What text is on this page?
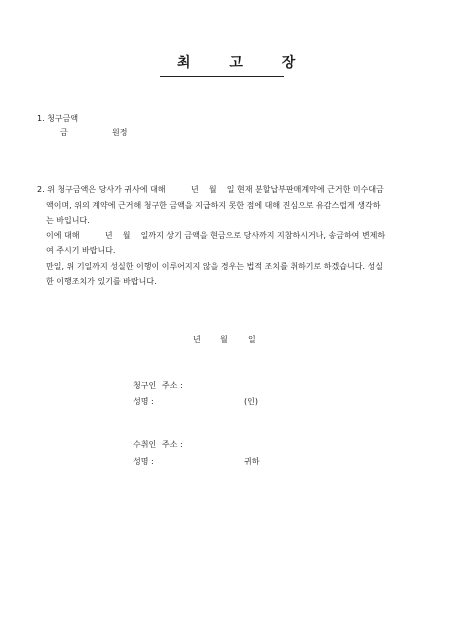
최 고 장
1. 청구금액
금	원정
2. 위 청구금액은 당사가 귀사에 대해          년    월    일 현재 분할납부판매계약에 근거한 미수대금
액이며, 위의 계약에 근거해 청구한 금액을 지급하지 못한 점에 대해 진심으로 유감스럽게 생각하
는 바입니다.
이에 대해          년    월    일까지 상기 금액을 현금으로 당사까지 지참하시거나, 송금하여 변제하
여 주시기 바랍니다.
만일, 위 기일까지 성실한 이행이 이루어지지 않을 경우는 법적 조치를 취하기로 하겠습니다. 성실
한 이행조치가 있기를 바랍니다.
년 월	일
청구인 주소 :
성명 :	(인)
수취인 주소 :
성명 :	귀하
